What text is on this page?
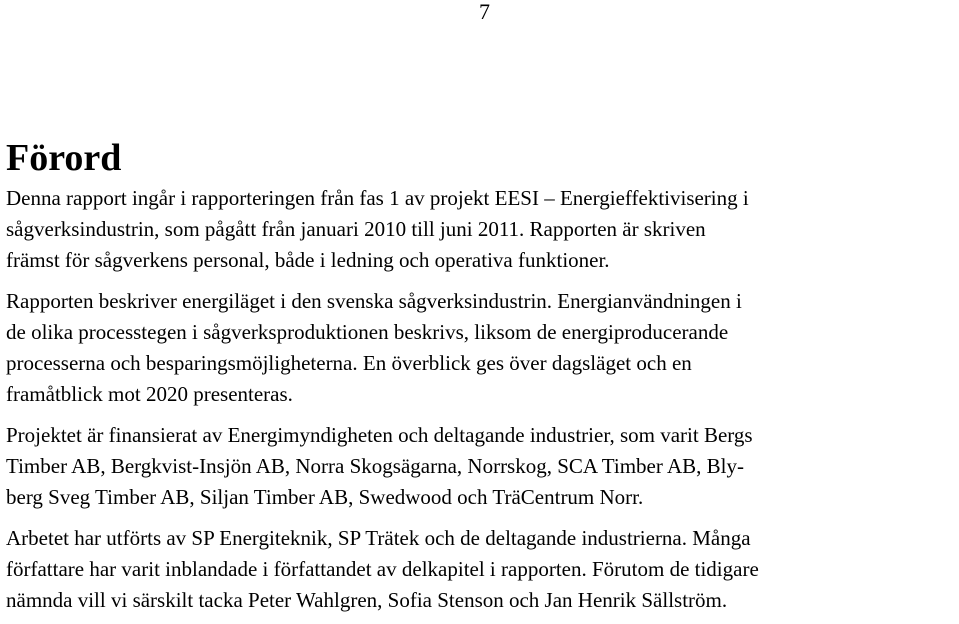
7
Förord

Denna rapport ingår i rapporteringen från fas 1 av projekt EESI – Energieffektivisering i
sågverksindustrin, som pågått från januari 2010 till juni 2011. Rapporten är skriven
främst för sågverkens personal, både i ledning och operativa funktioner.

Rapporten beskriver energiläget i den svenska sågverksindustrin. Energianvändningen i
de olika processtegen i sågverksproduktionen beskrivs, liksom de energiproducerande
processerna och besparingsmöjligheterna. En överblick ges över dagsläget och en
framåtblick mot 2020 presenteras.

Projektet är finansierat av Energimyndigheten och deltagande industrier, som varit Bergs
Timber AB, Bergkvist-Insjön AB, Norra Skogsägarna, Norrskog, SCA Timber AB, Bly-
berg Sveg Timber AB, Siljan Timber AB, Swedwood och TräCentrum Norr.

Arbetet har utförts av SP Energiteknik, SP Trätek och de deltagande industrierna. Många
författare har varit inblandade i författandet av delkapitel i rapporten. Förutom de tidigare
nämnda vill vi särskilt tacka Peter Wahlgren, Sofia Stenson och Jan Henrik Sällström.
